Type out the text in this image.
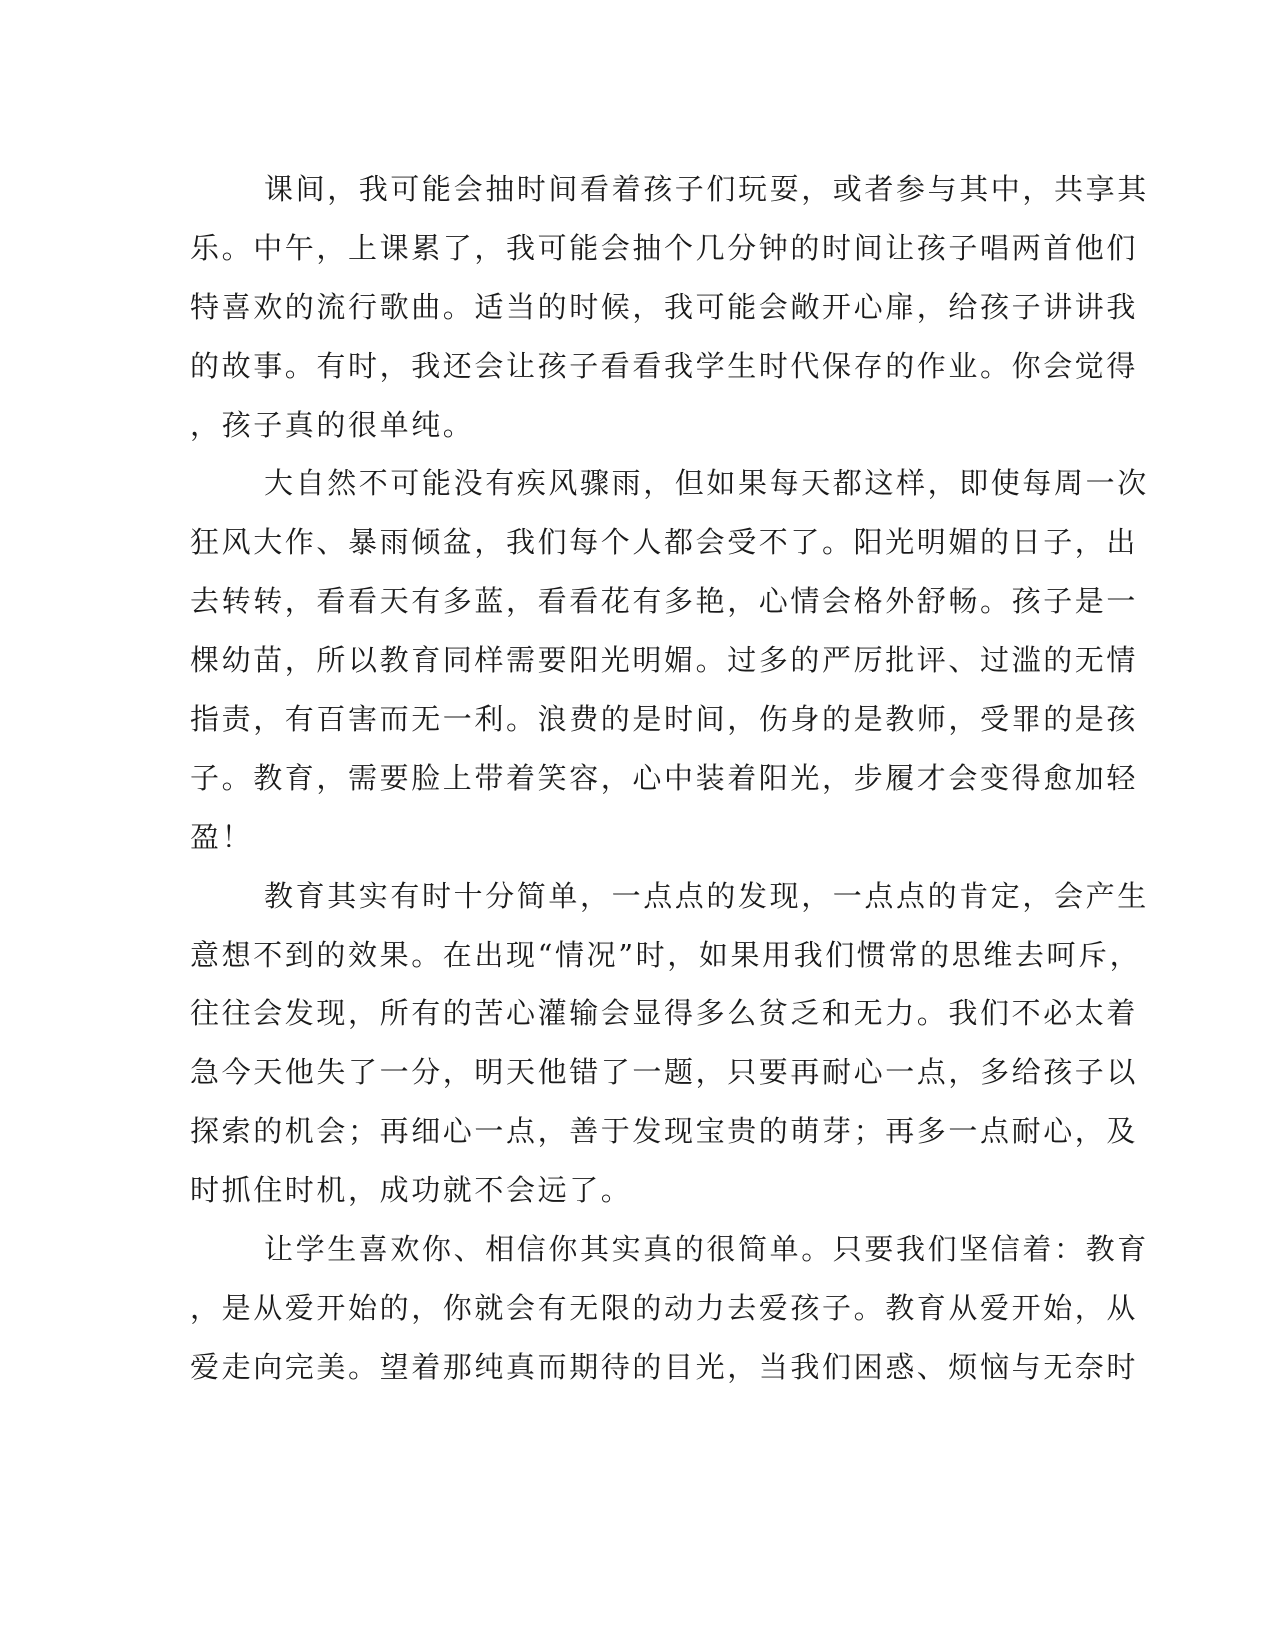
课间，我可能会抽时间看着孩子们玩耍，或者参与其中，共享其
乐。中午，上课累了，我可能会抽个几分钟的时间让孩子唱两首他们
特喜欢的流行歌曲。适当的时候，我可能会敞开心扉，给孩子讲讲我
的故事。有时，我还会让孩子看看我学生时代保存的作业。你会觉得
，孩子真的很单纯。
大自然不可能没有疾风骤雨，但如果每天都这样，即使每周一次
狂风大作、暴雨倾盆，我们每个人都会受不了。阳光明媚的日子，出
去转转，看看天有多蓝，看看花有多艳，心情会格外舒畅。孩子是一
棵幼苗，所以教育同样需要阳光明媚。过多的严厉批评、过滥的无情
指责，有百害而无一利。浪费的是时间，伤身的是教师，受罪的是孩
子。教育，需要脸上带着笑容，心中装着阳光，步履才会变得愈加轻
盈！
教育其实有时十分简单，一点点的发现，一点点的肯定，会产生
意想不到的效果。在出现“情况”时，如果用我们惯常的思维去呵斥，
往往会发现，所有的苦心灌输会显得多么贫乏和无力。我们不必太着
急今天他失了一分，明天他错了一题，只要再耐心一点，多给孩子以
探索的机会；再细心一点，善于发现宝贵的萌芽；再多一点耐心，及
时抓住时机，成功就不会远了。
让学生喜欢你、相信你其实真的很简单。只要我们坚信着：教育
，是从爱开始的，你就会有无限的动力去爱孩子。教育从爱开始，从
爱走向完美。望着那纯真而期待的目光，当我们困惑、烦恼与无奈时
